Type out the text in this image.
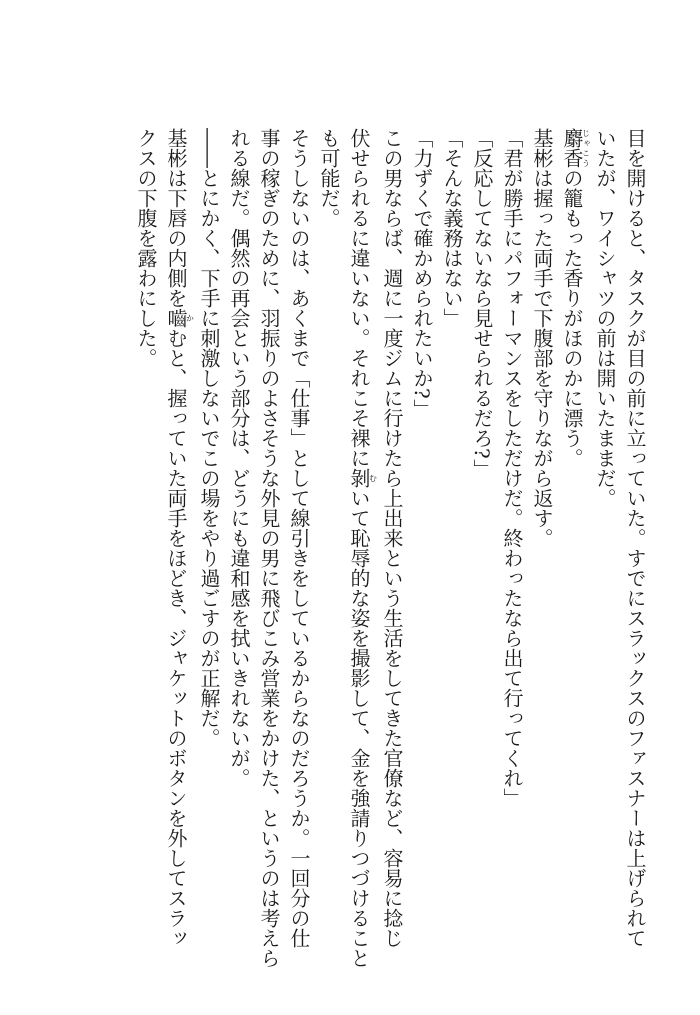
目を開けると、タスクが目の前に立っていた。すでにスラックスのファスナーは上げられて
いたが、ワイシャツの前は開いたままだ。
麝香じゃこうの籠もった香りがほのかに漂う。
基彬は握った両手で下腹部を守りながら返す。
「君が勝手にパフォーマンスをしただけだ。終わったなら出て行ってくれ」
「反応してないなら見せられるだろ?」
「そんな義務はない」
「力ずくで確かめられたいか?」
この男ならば、週に一度ジムに行けたら上出来という生活をしてきた官僚など、容易に捻じ
伏せられるに違いない。それこそ裸に剝むいて恥辱的な姿を撮影して、金を強請りつづけること
も可能だ。
そうしないのは、あくまで「仕事」として線引きをしているからなのだろうか。一回分の仕
事の稼ぎのために、羽振りのよさそうな外見の男に飛びこみ営業をかけた、というのは考えら
れる線だ。偶然の再会という部分は、どうにも違和感を拭いきれないが。
――とにかく、下手に刺激しないでこの場をやり過ごすのが正解だ。
基彬は下唇の内側を嚙かむと、握っていた両手をほどき、ジャケットのボタンを外してスラッ
クスの下腹を露わにした。
